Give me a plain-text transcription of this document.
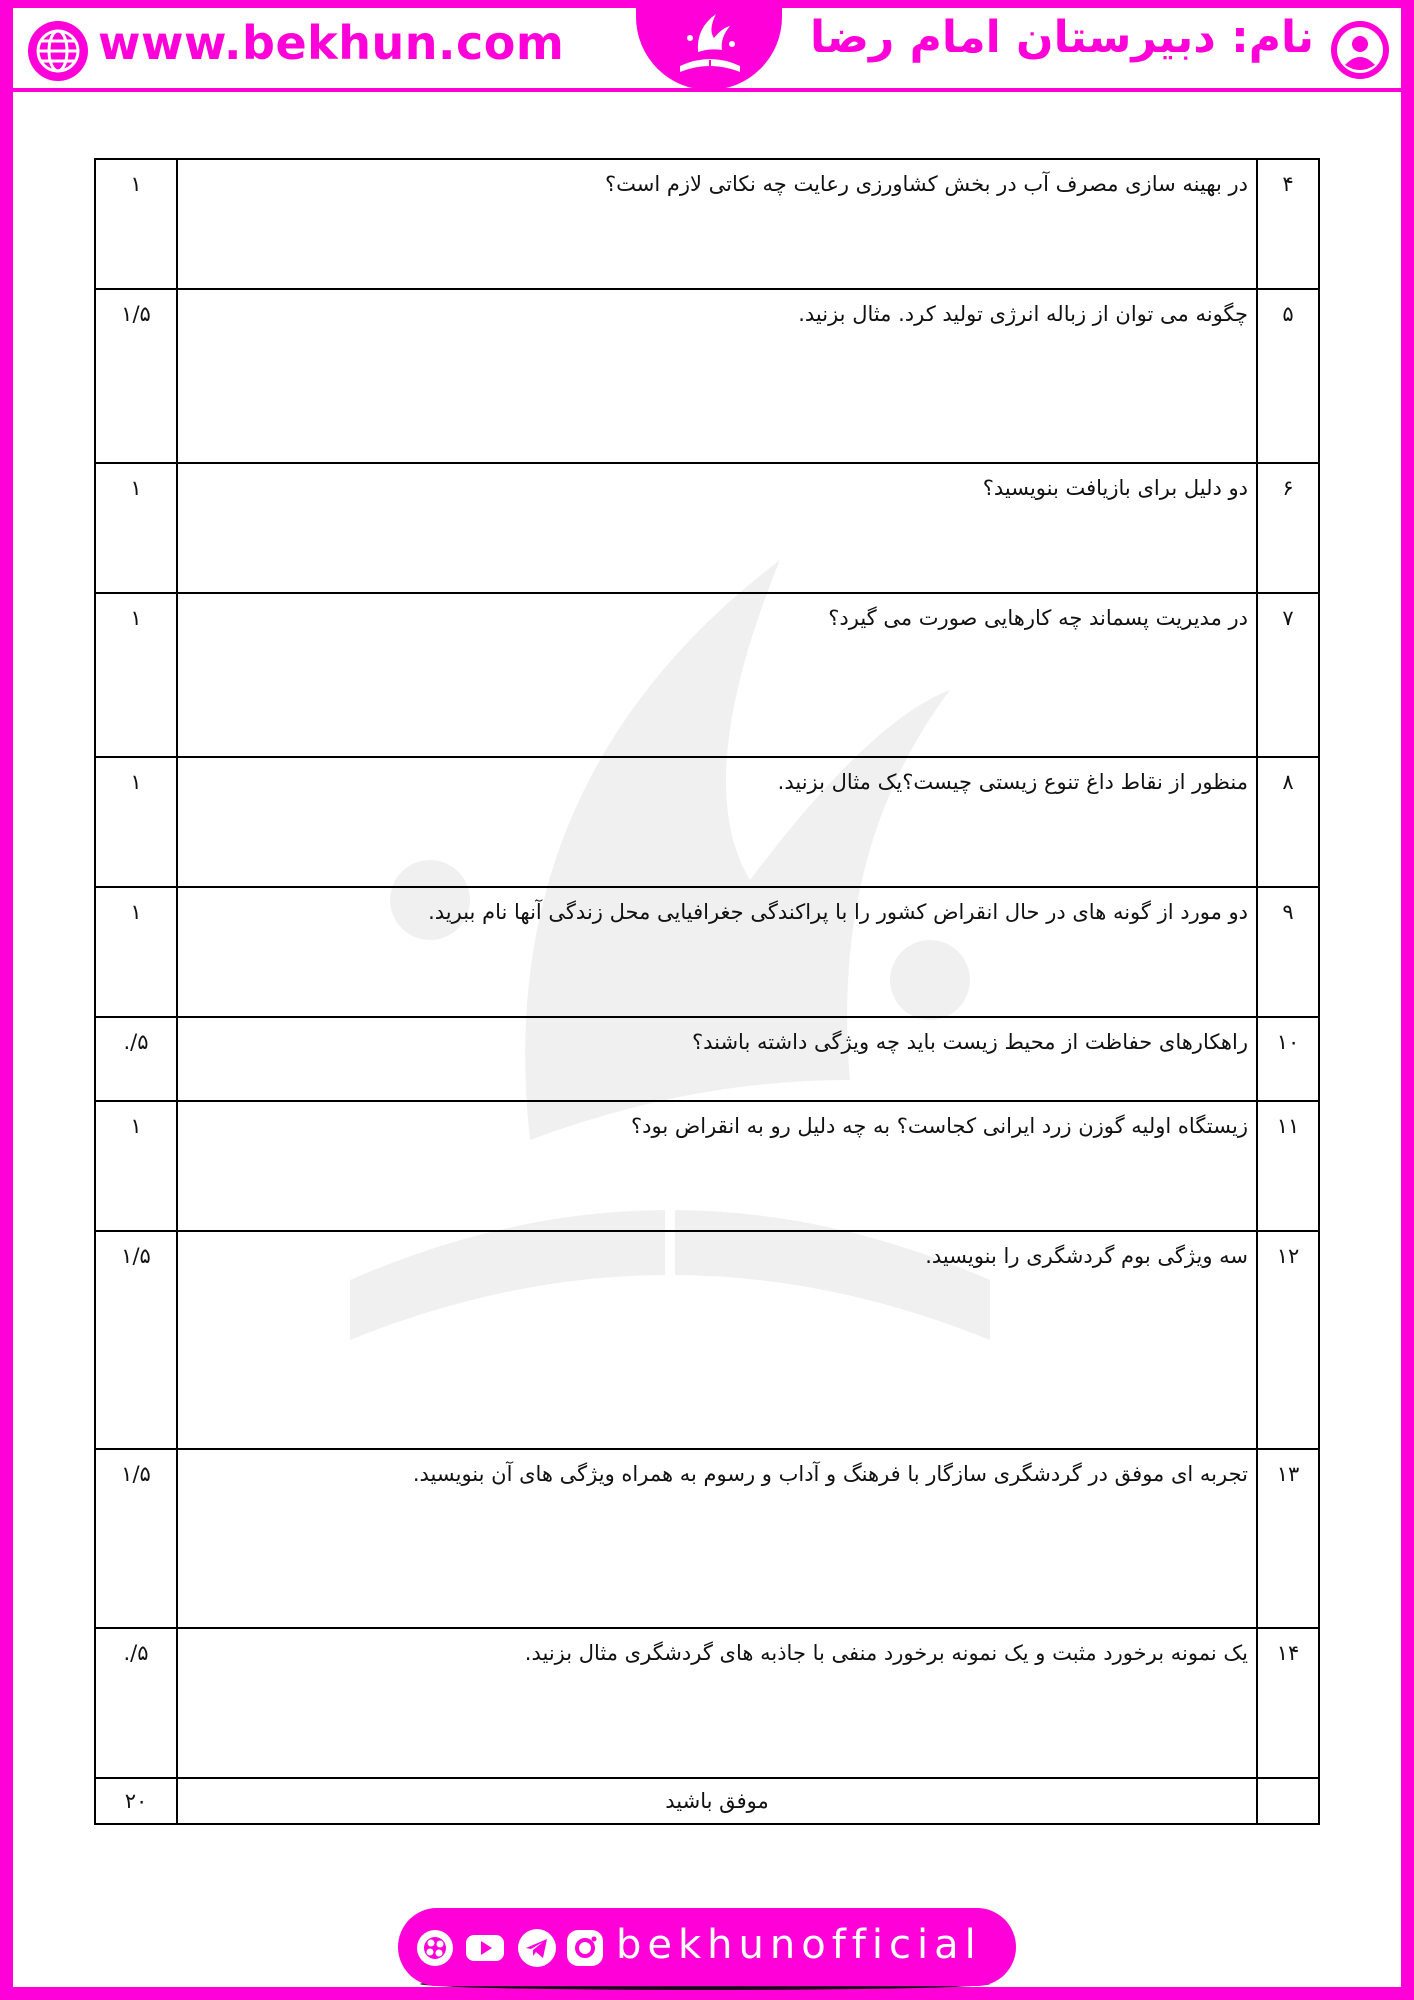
www.bekhun.com	نام: دبیرستان امام رضا
۴	در بهینه سازی مصرف آب در بخش کشاورزی رعایت چه نکاتی لازم است؟	۱
۵	چگونه می توان از زباله انرژی تولید کرد. مثال بزنید.	۱/۵
۶	دو دلیل برای بازیافت بنویسید؟	۱
۷	در مدیریت پسماند چه کارهایی صورت می گیرد؟	۱
۸	منظور از نقاط داغ تنوع زیستی چیست؟یک مثال بزنید.	۱
۹	دو مورد از گونه های در حال انقراض کشور را با پراکندگی جغرافیایی محل زندگی آنها نام ببرید.	۱
۱۰	راهکارهای حفاظت از محیط زیست باید چه ویژگی داشته باشند؟	۵/.
۱۱	زیستگاه اولیه گوزن زرد ایرانی کجاست؟ به چه دلیل رو به انقراض بود؟	۱
۱۲	سه ویژگی بوم گردشگری را بنویسید.	۱/۵
۱۳	تجربه ای موفق در گردشگری سازگار با فرهنگ و آداب و رسوم به همراه ویژگی های آن بنویسید.	۱/۵
۱۴	یک نمونه برخورد مثبت و یک نمونه برخورد منفی با جاذبه های گردشگری مثال بزنید.	۵/.
	موفق باشید	۲۰
bekhunofficial
